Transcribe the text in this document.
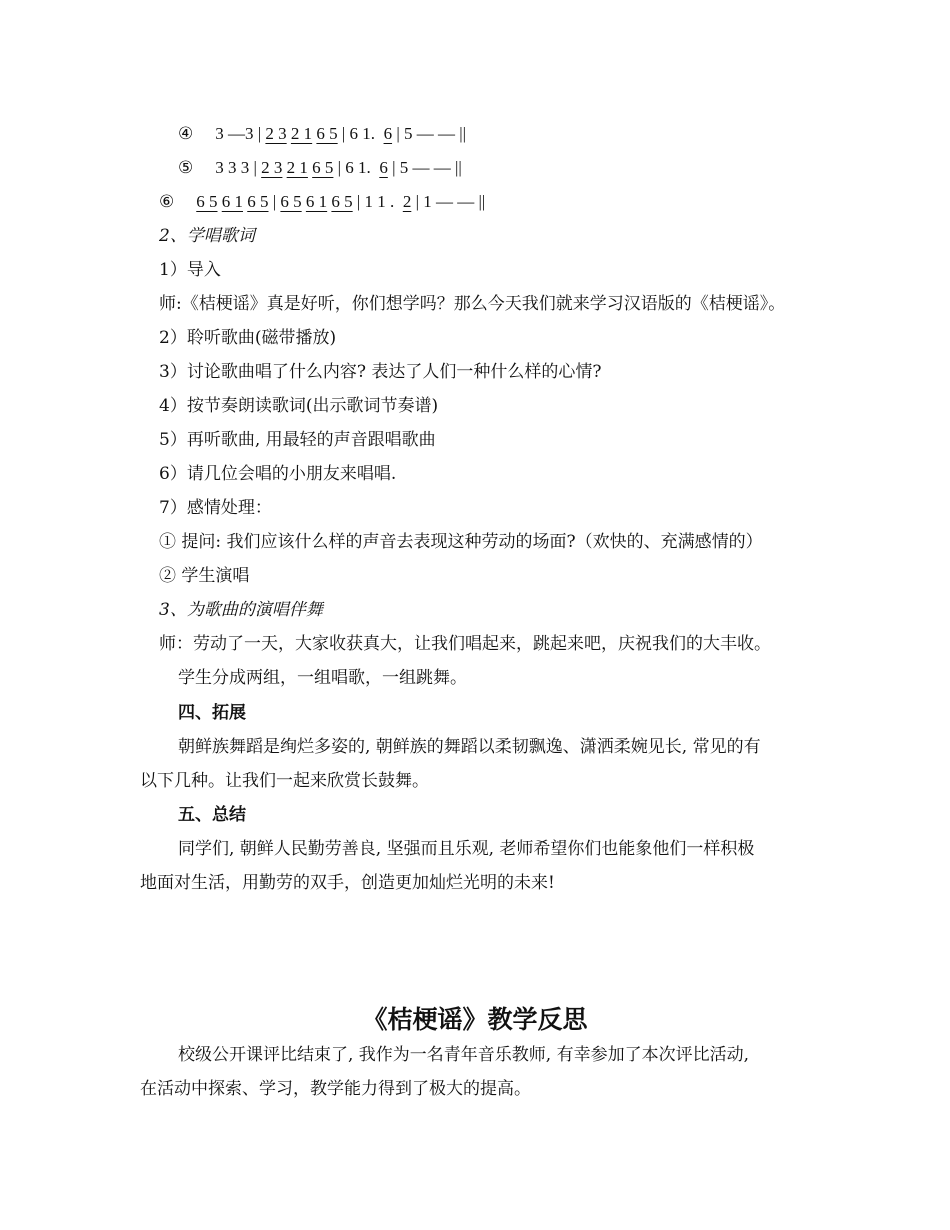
④ 3 ―3 | 2 3 2 1 6 5 | 6 1.  6 | 5 ― ― ||
⑤ 3 3 3 | 2 3 2 1 6 5 | 6 1.  6 | 5 ― ― ||
⑥ 6 5 6 1 6 5 | 6 5 6 1 6 5 | 1 1 .  2 | 1 ― ― ||
2、学唱歌词
1）导入
师:《桔梗谣》真是好听，你们想学吗？那么今天我们就来学习汉语版的《桔梗谣》。
2）聆听歌曲(磁带播放)
3）讨论歌曲唱了什么内容? 表达了人们一种什么样的心情?
4）按节奏朗读歌词(出示歌词节奏谱)
5）再听歌曲, 用最轻的声音跟唱歌曲
6）请几位会唱的小朋友来唱唱.
7）感情处理：
① 提问: 我们应该什么样的声音去表现这种劳动的场面?（欢快的、充满感情的）
② 学生演唱
3、为歌曲的演唱伴舞
师：劳动了一天，大家收获真大，让我们唱起来，跳起来吧，庆祝我们的大丰收。
学生分成两组，一组唱歌，一组跳舞。
四、拓展
朝鲜族舞蹈是绚烂多姿的, 朝鲜族的舞蹈以柔韧飘逸、潇洒柔婉见长, 常见的有
以下几种。让我们一起来欣赏长鼓舞。
五、总结
同学们, 朝鲜人民勤劳善良, 坚强而且乐观, 老师希望你们也能象他们一样积极
地面对生活，用勤劳的双手，创造更加灿烂光明的未来!
《桔梗谣》教学反思
校级公开课评比结束了, 我作为一名青年音乐教师, 有幸参加了本次评比活动,
在活动中探索、学习，教学能力得到了极大的提高。
